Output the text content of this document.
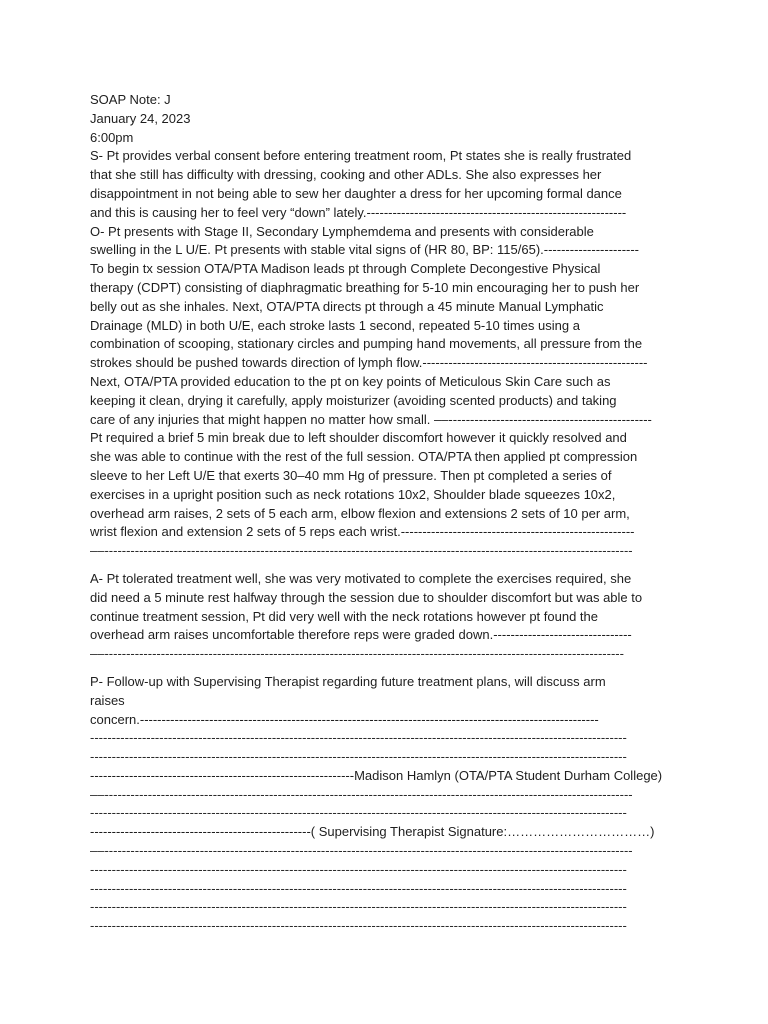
SOAP Note: J
January 24, 2023
6:00pm
S- Pt provides verbal consent before entering treatment room, Pt states she is really frustrated
that she still has difficulty with dressing, cooking and other ADLs. She also expresses her
disappointment in not being able to sew her daughter a dress for her upcoming formal dance
and this is causing her to feel very “down” lately.------------------------------------------------------------
O- Pt presents with Stage II, Secondary Lymphemdema and presents with considerable
swelling in the L U/E. Pt presents with stable vital signs of (HR 80, BP: 115/65).----------------------
To begin tx session OTA/PTA Madison leads pt through Complete Decongestive Physical
therapy (CDPT) consisting of diaphragmatic breathing for 5-10 min encouraging her to push her
belly out as she inhales. Next, OTA/PTA directs pt through a 45 minute Manual Lymphatic
Drainage (MLD) in both U/E, each stroke lasts 1 second, repeated 5-10 times using a
combination of scooping, stationary circles and pumping hand movements, all pressure from the
strokes should be pushed towards direction of lymph flow.----------------------------------------------------
Next, OTA/PTA provided education to the pt on key points of Meticulous Skin Care such as
keeping it clean, drying it carefully, apply moisturizer (avoiding scented products) and taking
care of any injuries that might happen no matter how small. ––-----------------------------------------------
Pt required a brief 5 min break due to left shoulder discomfort however it quickly resolved and
she was able to continue with the rest of the full session. OTA/PTA then applied pt compression
sleeve to her Left U/E that exerts 30–40 mm Hg of pressure. Then pt completed a series of
exercises in a upright position such as neck rotations 10x2, Shoulder blade squeezes 10x2,
overhead arm raises, 2 sets of 5 each arm, elbow flexion and extensions 2 sets of 10 per arm,
wrist flexion and extension 2 sets of 5 reps each wrist.------------------------------------------------------
––--------------------------------------------------------------------------------------------------------------------------
A- Pt tolerated treatment well, she was very motivated to complete the exercises required, she
did need a 5 minute rest halfway through the session due to shoulder discomfort but was able to
continue treatment session, Pt did very well with the neck rotations however pt found the
overhead arm raises uncomfortable therefore reps were graded down.--------------------------------
––------------------------------------------------------------------------------------------------------------------------
P- Follow-up with Supervising Therapist regarding future treatment plans, will discuss arm
raises
concern.----------------------------------------------------------------------------------------------------------
----------------------------------------------------------------------------------------------------------------------------
----------------------------------------------------------------------------------------------------------------------------
-------------------------------------------------------------Madison Hamlyn (OTA/PTA Student Durham College)
––--------------------------------------------------------------------------------------------------------------------------
----------------------------------------------------------------------------------------------------------------------------
---------------------------------------------------( Supervising Therapist Signature:……………………………)
––--------------------------------------------------------------------------------------------------------------------------
----------------------------------------------------------------------------------------------------------------------------
----------------------------------------------------------------------------------------------------------------------------
----------------------------------------------------------------------------------------------------------------------------
----------------------------------------------------------------------------------------------------------------------------
